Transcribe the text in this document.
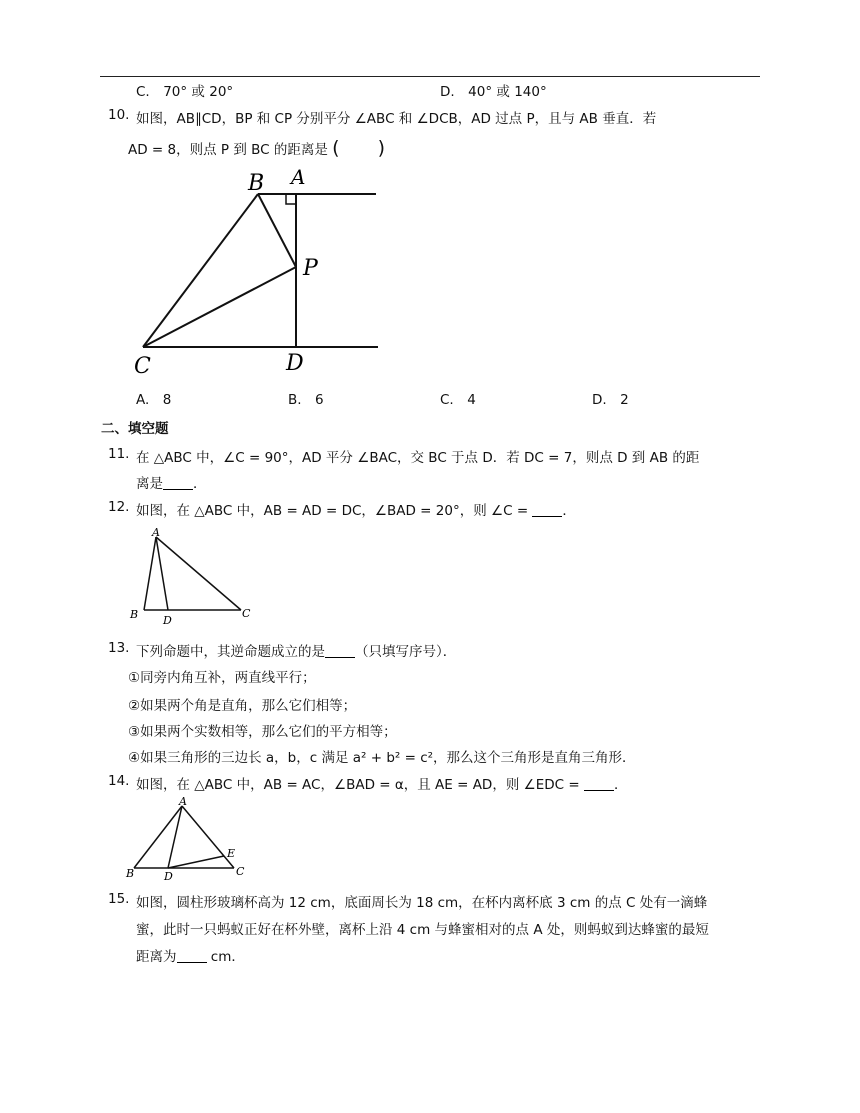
C.　70° 或 20°	D.　40° 或 140°
10. 如图，AB∥CD，BP 和 CP 分别平分 ∠ABC 和 ∠DCB，AD 过点 P，且与 AB 垂直．若
AD = 8，则点 P 到 BC 的距离是 (　　)
B A
P
C	D
A.　8	B.　6	C.　4	D.　2
二、填空题
11. 在 △ABC 中，∠C = 90°，AD 平分 ∠BAC，交 BC 于点 D．若 DC = 7，则点 D 到 AB 的距
离是 ．
12. 如图，在 △ABC 中，AB = AD = DC，∠BAD = 20°，则 ∠C = ．
A
B D
C
13. 下列命题中，其逆命题成立的是 （只填写序号）．
①同旁内角互补，两直线平行；
②如果两个角是直角，那么它们相等；
③如果两个实数相等，那么它们的平方相等；
④如果三角形的三边长 a，b，c 满足 a² + b² = c²，那么这个三角形是直角三角形．
14. 如图，在 △ABC 中，AB = AC，∠BAD = α，且 AE = AD，则 ∠EDC = ．
A
B	D
E
C
15. 如图，圆柱形玻璃杯高为 12 cm，底面周长为 18 cm，在杯内离杯底 3 cm 的点 C 处有一滴蜂
蜜，此时一只蚂蚁正好在杯外壁，离杯上沿 4 cm 与蜂蜜相对的点 A 处，则蚂蚁到达蜂蜜的最短
距离为 cm．
